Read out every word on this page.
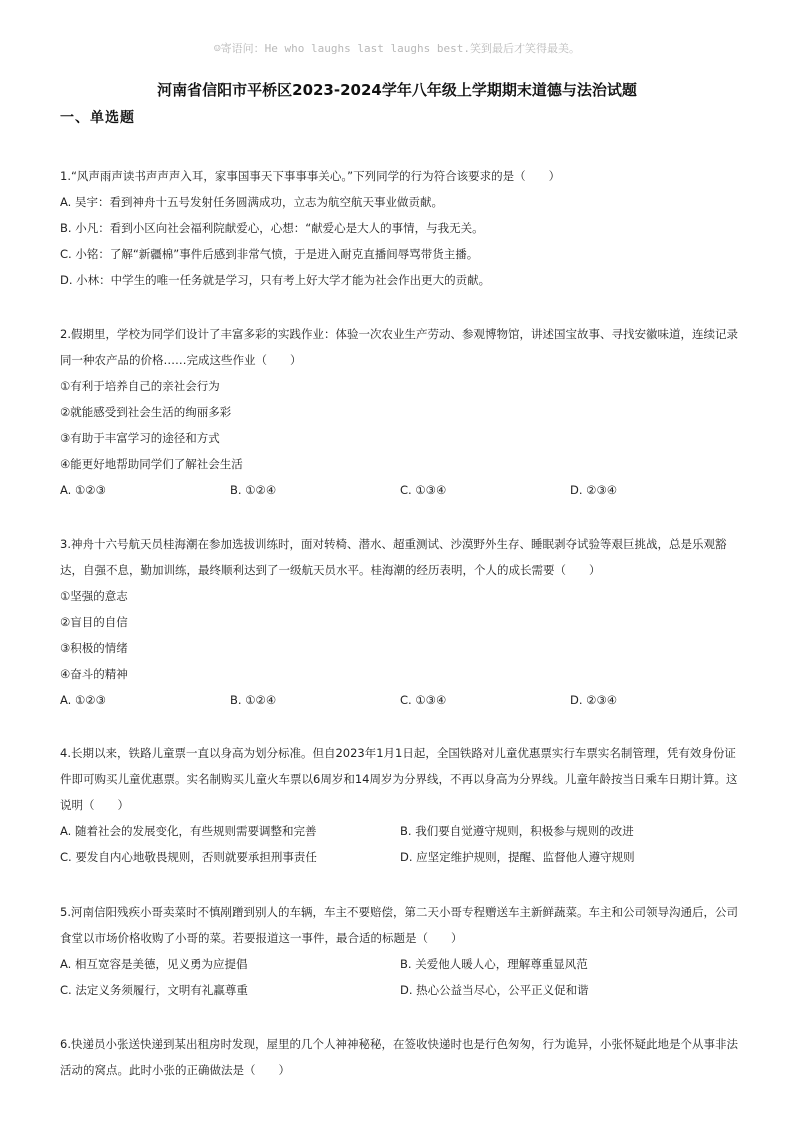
☺寄语问：He who laughs last laughs best.笑到最后才笑得最美。
河南省信阳市平桥区2023-2024学年八年级上学期期末道德与法治试题
一、单选题

1.“风声雨声读书声声声入耳，家事国事天下事事事关心。”下列同学的行为符合该要求的是（　　）

A. 吴宇：看到神舟十五号发射任务圆满成功，立志为航空航天事业做贡献。

B. 小凡：看到小区向社会福利院献爱心，心想：“献爱心是大人的事情，与我无关。

C. 小铭：了解“新疆棉”事件后感到非常气愤，于是进入耐克直播间辱骂带货主播。

D. 小林：中学生的唯一任务就是学习，只有考上好大学才能为社会作出更大的贡献。

2.假期里，学校为同学们设计了丰富多彩的实践作业：体验一次农业生产劳动、参观博物馆，讲述国宝故事、寻找安徽味道，连续记录同一种农产品的价格……完成这些作业（　　）

①有利于培养自己的亲社会行为

②就能感受到社会生活的绚丽多彩

③有助于丰富学习的途径和方式

④能更好地帮助同学们了解社会生活

A. ①②③	B. ①②④	C. ①③④	D. ②③④

3.神舟十六号航天员桂海潮在参加选拔训练时，面对转椅、潜水、超重测试、沙漠野外生存、睡眠剥夺试验等艰巨挑战，总是乐观豁达，自强不息，勤加训练，最终顺利达到了一级航天员水平。桂海潮的经历表明，个人的成长需要（　　）

①坚强的意志

②盲目的自信

③积极的情绪

④奋斗的精神

A. ①②③	B. ①②④	C. ①③④	D. ②③④

4.长期以来，铁路儿童票一直以身高为划分标准。但自2023年1月1日起，全国铁路对儿童优惠票实行车票实名制管理，凭有效身份证件即可购买儿童优惠票。实名制购买儿童火车票以6周岁和14周岁为分界线，不再以身高为分界线。儿童年龄按当日乘车日期计算。这说明（　　）

A. 随着社会的发展变化，有些规则需要调整和完善	B. 我们要自觉遵守规则，积极参与规则的改进
C. 要发自内心地敬畏规则，否则就要承担刑事责任	D. 应坚定维护规则，提醒、监督他人遵守规则

5.河南信阳残疾小哥卖菜时不慎剐蹭到别人的车辆，车主不要赔偿，第二天小哥专程赠送车主新鲜蔬菜。车主和公司领导沟通后，公司食堂以市场价格收购了小哥的菜。若要报道这一事件，最合适的标题是（　　）

A. 相互宽容是美德，见义勇为应提倡	B. 关爱他人暖人心，理解尊重显风范
C. 法定义务须履行，文明有礼赢尊重	D. 热心公益当尽心，公平正义促和谐

6.快递员小张送快递到某出租房时发现，屋里的几个人神神秘秘，在签收快递时也是行色匆匆，行为诡异，小张怀疑此地是个从事非法活动的窝点。此时小张的正确做法是（　　）
